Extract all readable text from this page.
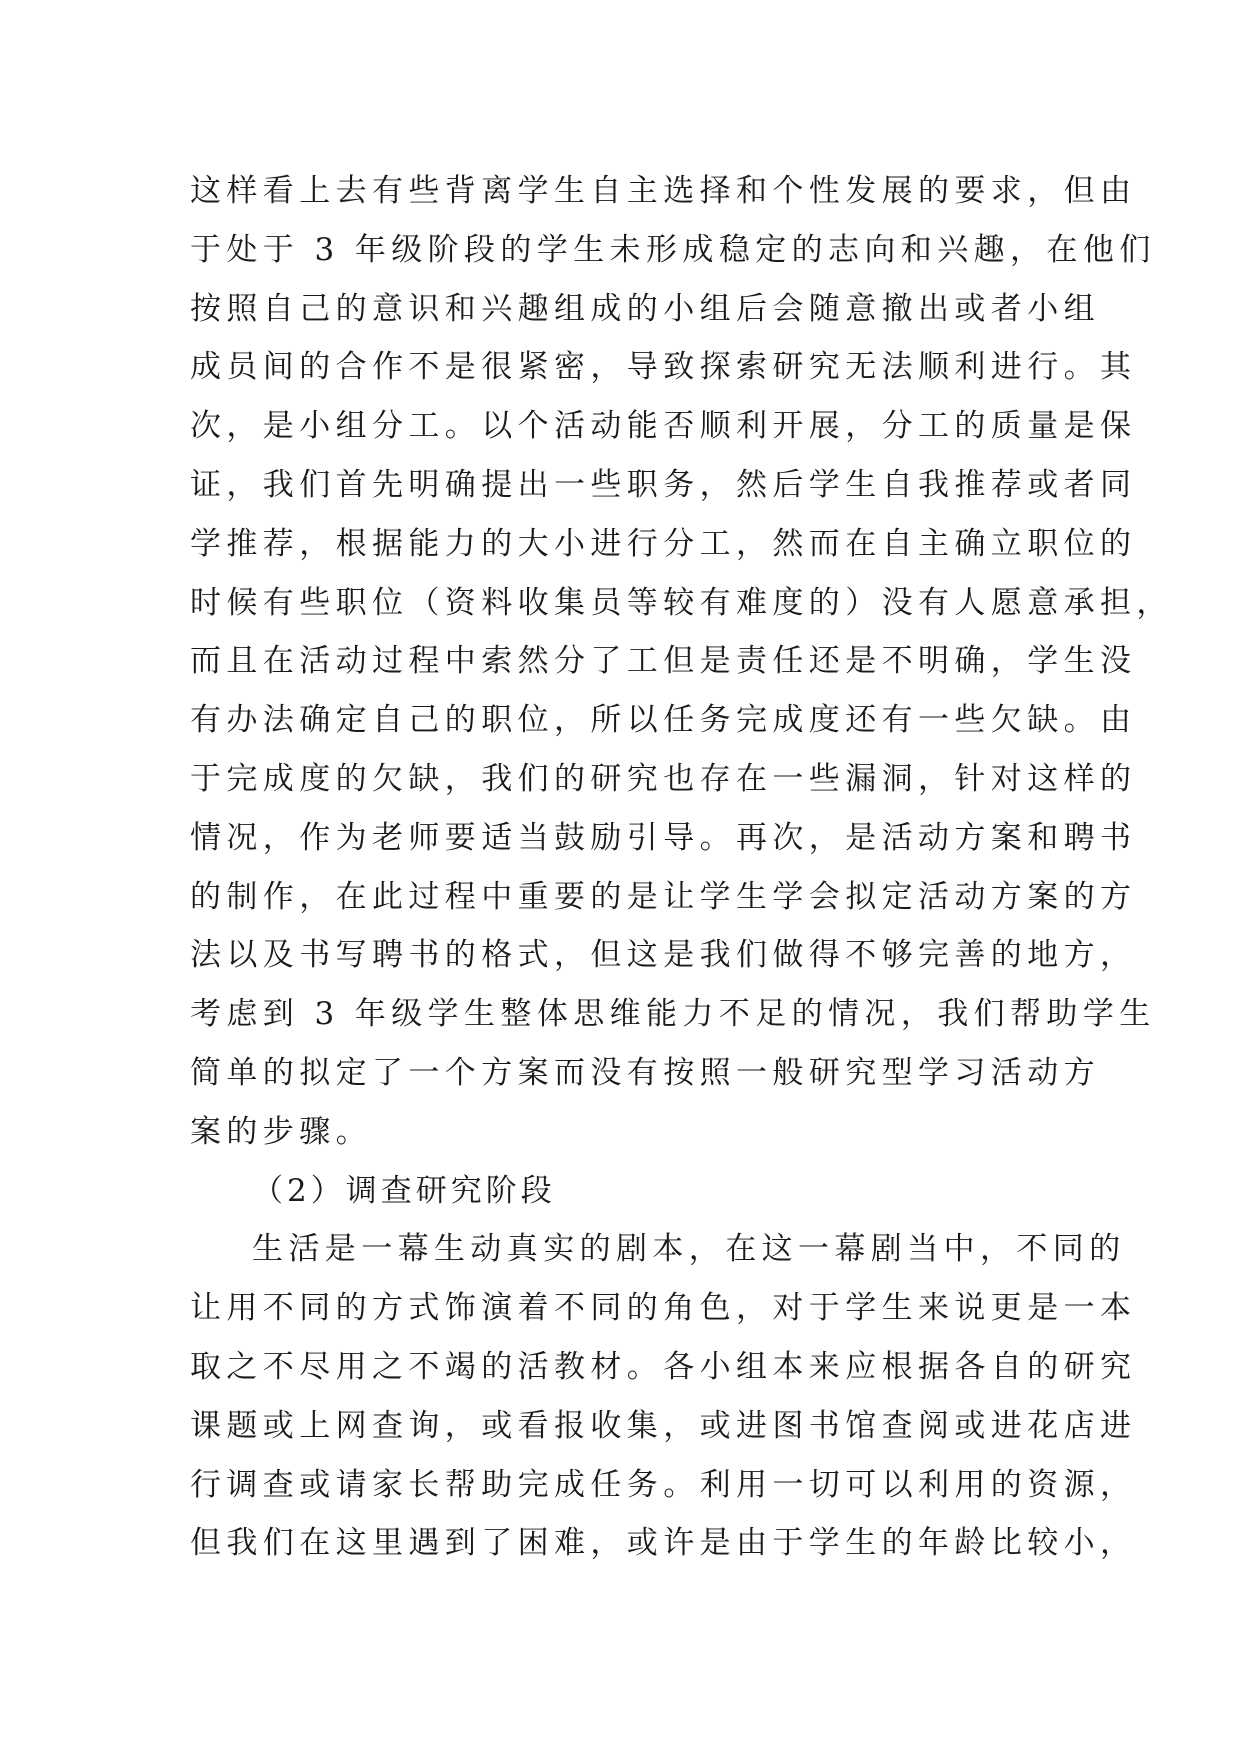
这样看上去有些背离学生自主选择和个性发展的要求，但由
于处于 3 年级阶段的学生未形成稳定的志向和兴趣，在他们
按照自己的意识和兴趣组成的小组后会随意撤出或者小组
成员间的合作不是很紧密，导致探索研究无法顺利进行。其
次，是小组分工。以个活动能否顺利开展，分工的质量是保
证，我们首先明确提出一些职务，然后学生自我推荐或者同
学推荐，根据能力的大小进行分工，然而在自主确立职位的
时候有些职位（资料收集员等较有难度的）没有人愿意承担，
而且在活动过程中索然分了工但是责任还是不明确，学生没
有办法确定自己的职位，所以任务完成度还有一些欠缺。由
于完成度的欠缺，我们的研究也存在一些漏洞，针对这样的
情况，作为老师要适当鼓励引导。再次，是活动方案和聘书
的制作，在此过程中重要的是让学生学会拟定活动方案的方
法以及书写聘书的格式，但这是我们做得不够完善的地方，
考虑到 3 年级学生整体思维能力不足的情况，我们帮助学生
简单的拟定了一个方案而没有按照一般研究型学习活动方
案的步骤。
（2）调查研究阶段
生活是一幕生动真实的剧本，在这一幕剧当中，不同的
让用不同的方式饰演着不同的角色，对于学生来说更是一本
取之不尽用之不竭的活教材。各小组本来应根据各自的研究
课题或上网查询，或看报收集，或进图书馆查阅或进花店进
行调查或请家长帮助完成任务。利用一切可以利用的资源，
但我们在这里遇到了困难，或许是由于学生的年龄比较小，
